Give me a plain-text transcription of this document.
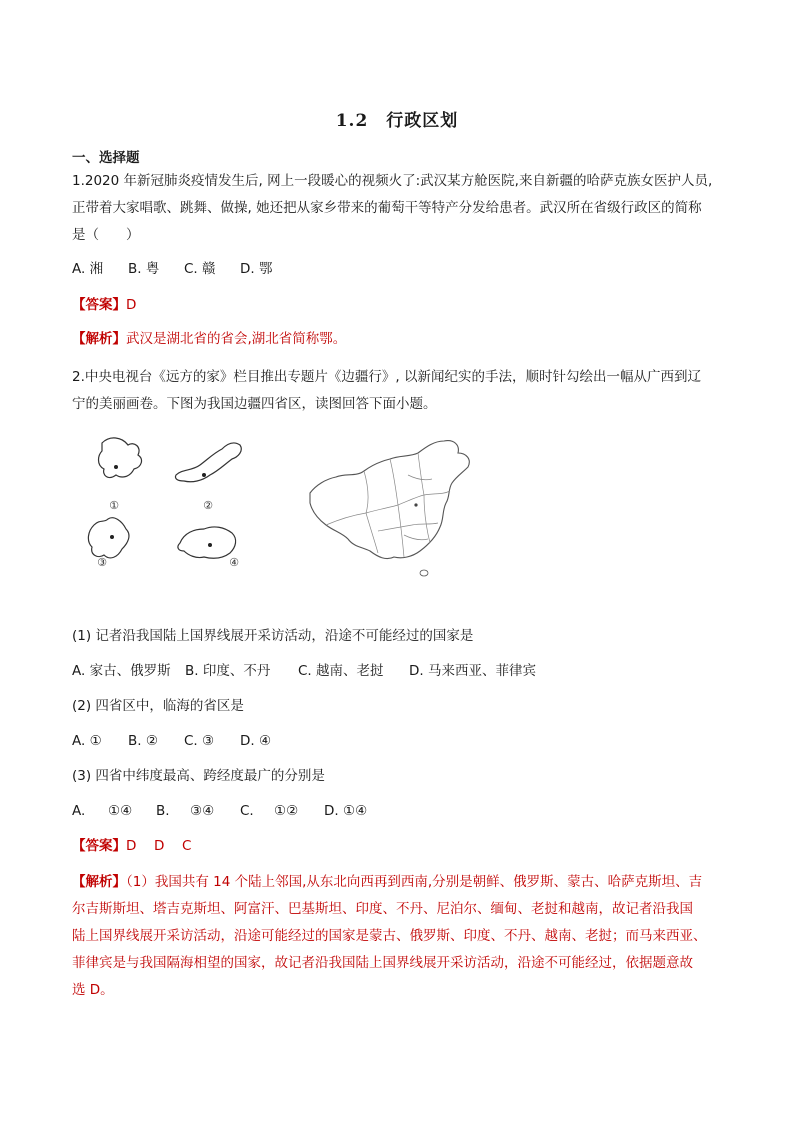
1.2 行政区划
一、选择题
1.2020 年新冠肺炎疫情发生后, 网上一段暖心的视频火了:武汉某方舱医院,来自新疆的哈萨克族女医护人员,
正带着大家唱歌、跳舞、做操, 她还把从家乡带来的葡萄干等特产分发给患者。武汉所在省级行政区的简称
是（　　）
A. 湘 B. 粤 C. 赣 D. 鄂
【答案】D
【解析】武汉是湖北省的省会,湖北省简称鄂。
2.中央电视台《远方的家》栏目推出专题片《边疆行》, 以新闻纪实的手法，顺时针勾绘出一幅从广西到辽
宁的美丽画卷。下图为我国边疆四省区，读图回答下面小题。
①	②
③	④
(1) 记者沿我国陆上国界线展开采访活动，沿途不可能经过的国家是
A. 家古、俄罗斯 B. 印度、不丹 C. 越南、老挝 D. 马来西亚、菲律宾
(2) 四省区中，临海的省区是
A. ① B. ② C. ③ D. ④
(3) 四省中纬度最高、跨经度最广的分别是
A. ①④ B. ③④ C. ①② D. ①④
【答案】D D C
【解析】（1）我国共有 14 个陆上邻国,从东北向西再到西南,分别是朝鲜、俄罗斯、蒙古、哈萨克斯坦、吉
尔吉斯斯坦、塔吉克斯坦、阿富汗、巴基斯坦、印度、不丹、尼泊尔、缅甸、老挝和越南，故记者沿我国
陆上国界线展开采访活动，沿途可能经过的国家是蒙古、俄罗斯、印度、不丹、越南、老挝；而马来西亚、
菲律宾是与我国隔海相望的国家，故记者沿我国陆上国界线展开采访活动，沿途不可能经过，依据题意故
选 D。
